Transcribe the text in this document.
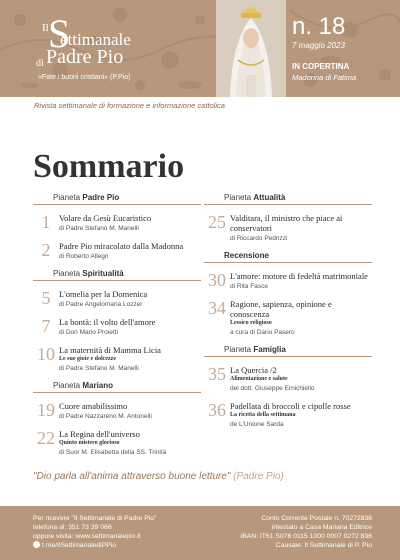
Il S
ettimanale
di Padre Pio
«Fate i buoni cristiani» (P.Pio)
n. 18
7 maggio 2023
IN COPERTINA
Madonna di Fatima
Rivista settimanale di formazione e informazione cattolica
Sommario
Pianeta Padre Pio
1	Volare da Gesù Eucaristico
di Padre Stefano M. Manelli
2	Padre Pio miracolato dalla Madonna
di Roberto Allegri
Pianeta Spiritualità
5	L'omelia per la Domenica
di Padre Angelomaria Lozzer
7	La bontà: il volto dell'amore
di Don Mario Proietti
10 La maternità di Mamma Licia
Le sue gioie e dolcezze
di Padre Stefano M. Manelli
Pianeta Mariano
19 Cuore amabilissimo
di Padre Nazzareno M. Antonelli
22 La Regina dell'universo
Quinto mistero glorioso
di Suor M. Elisabetta della SS. Trinità
Pianeta Attualità
25 Valditara, il ministro che piace ai conservatori
di Riccardo Pedrizzi
Recensione
30 L'amore: motore di fedeltà matrimoniale
di Rita Fasce
34 Ragione, sapienza, opinione e conoscenza
Lessico religioso
a cura di Dario Pasero
Pianeta Famiglia
35 La Quercia /2
Alimentazione e salute
del dott. Giuseppe Ernichiello
36 Padellata di broccoli e cipolle rosse
La ricetta della settimana
de L'Unione Sarda
"Dio parla all'anima attraverso buone letture" (Padre Pio)
Per ricevere "Il Settimanale di Padre Pio"
telefona al: 351 73 39 066
oppure visita: www.settimanalepio.it
t.me/IlSettimanalediPPio
Conto Corrente Postale n. 70272836
intestato a Casa Mariana Editrice
IBAN: IT61 S076 0115 1000 0007 0272 836
Causale: Il Settimanale di P. Pio
